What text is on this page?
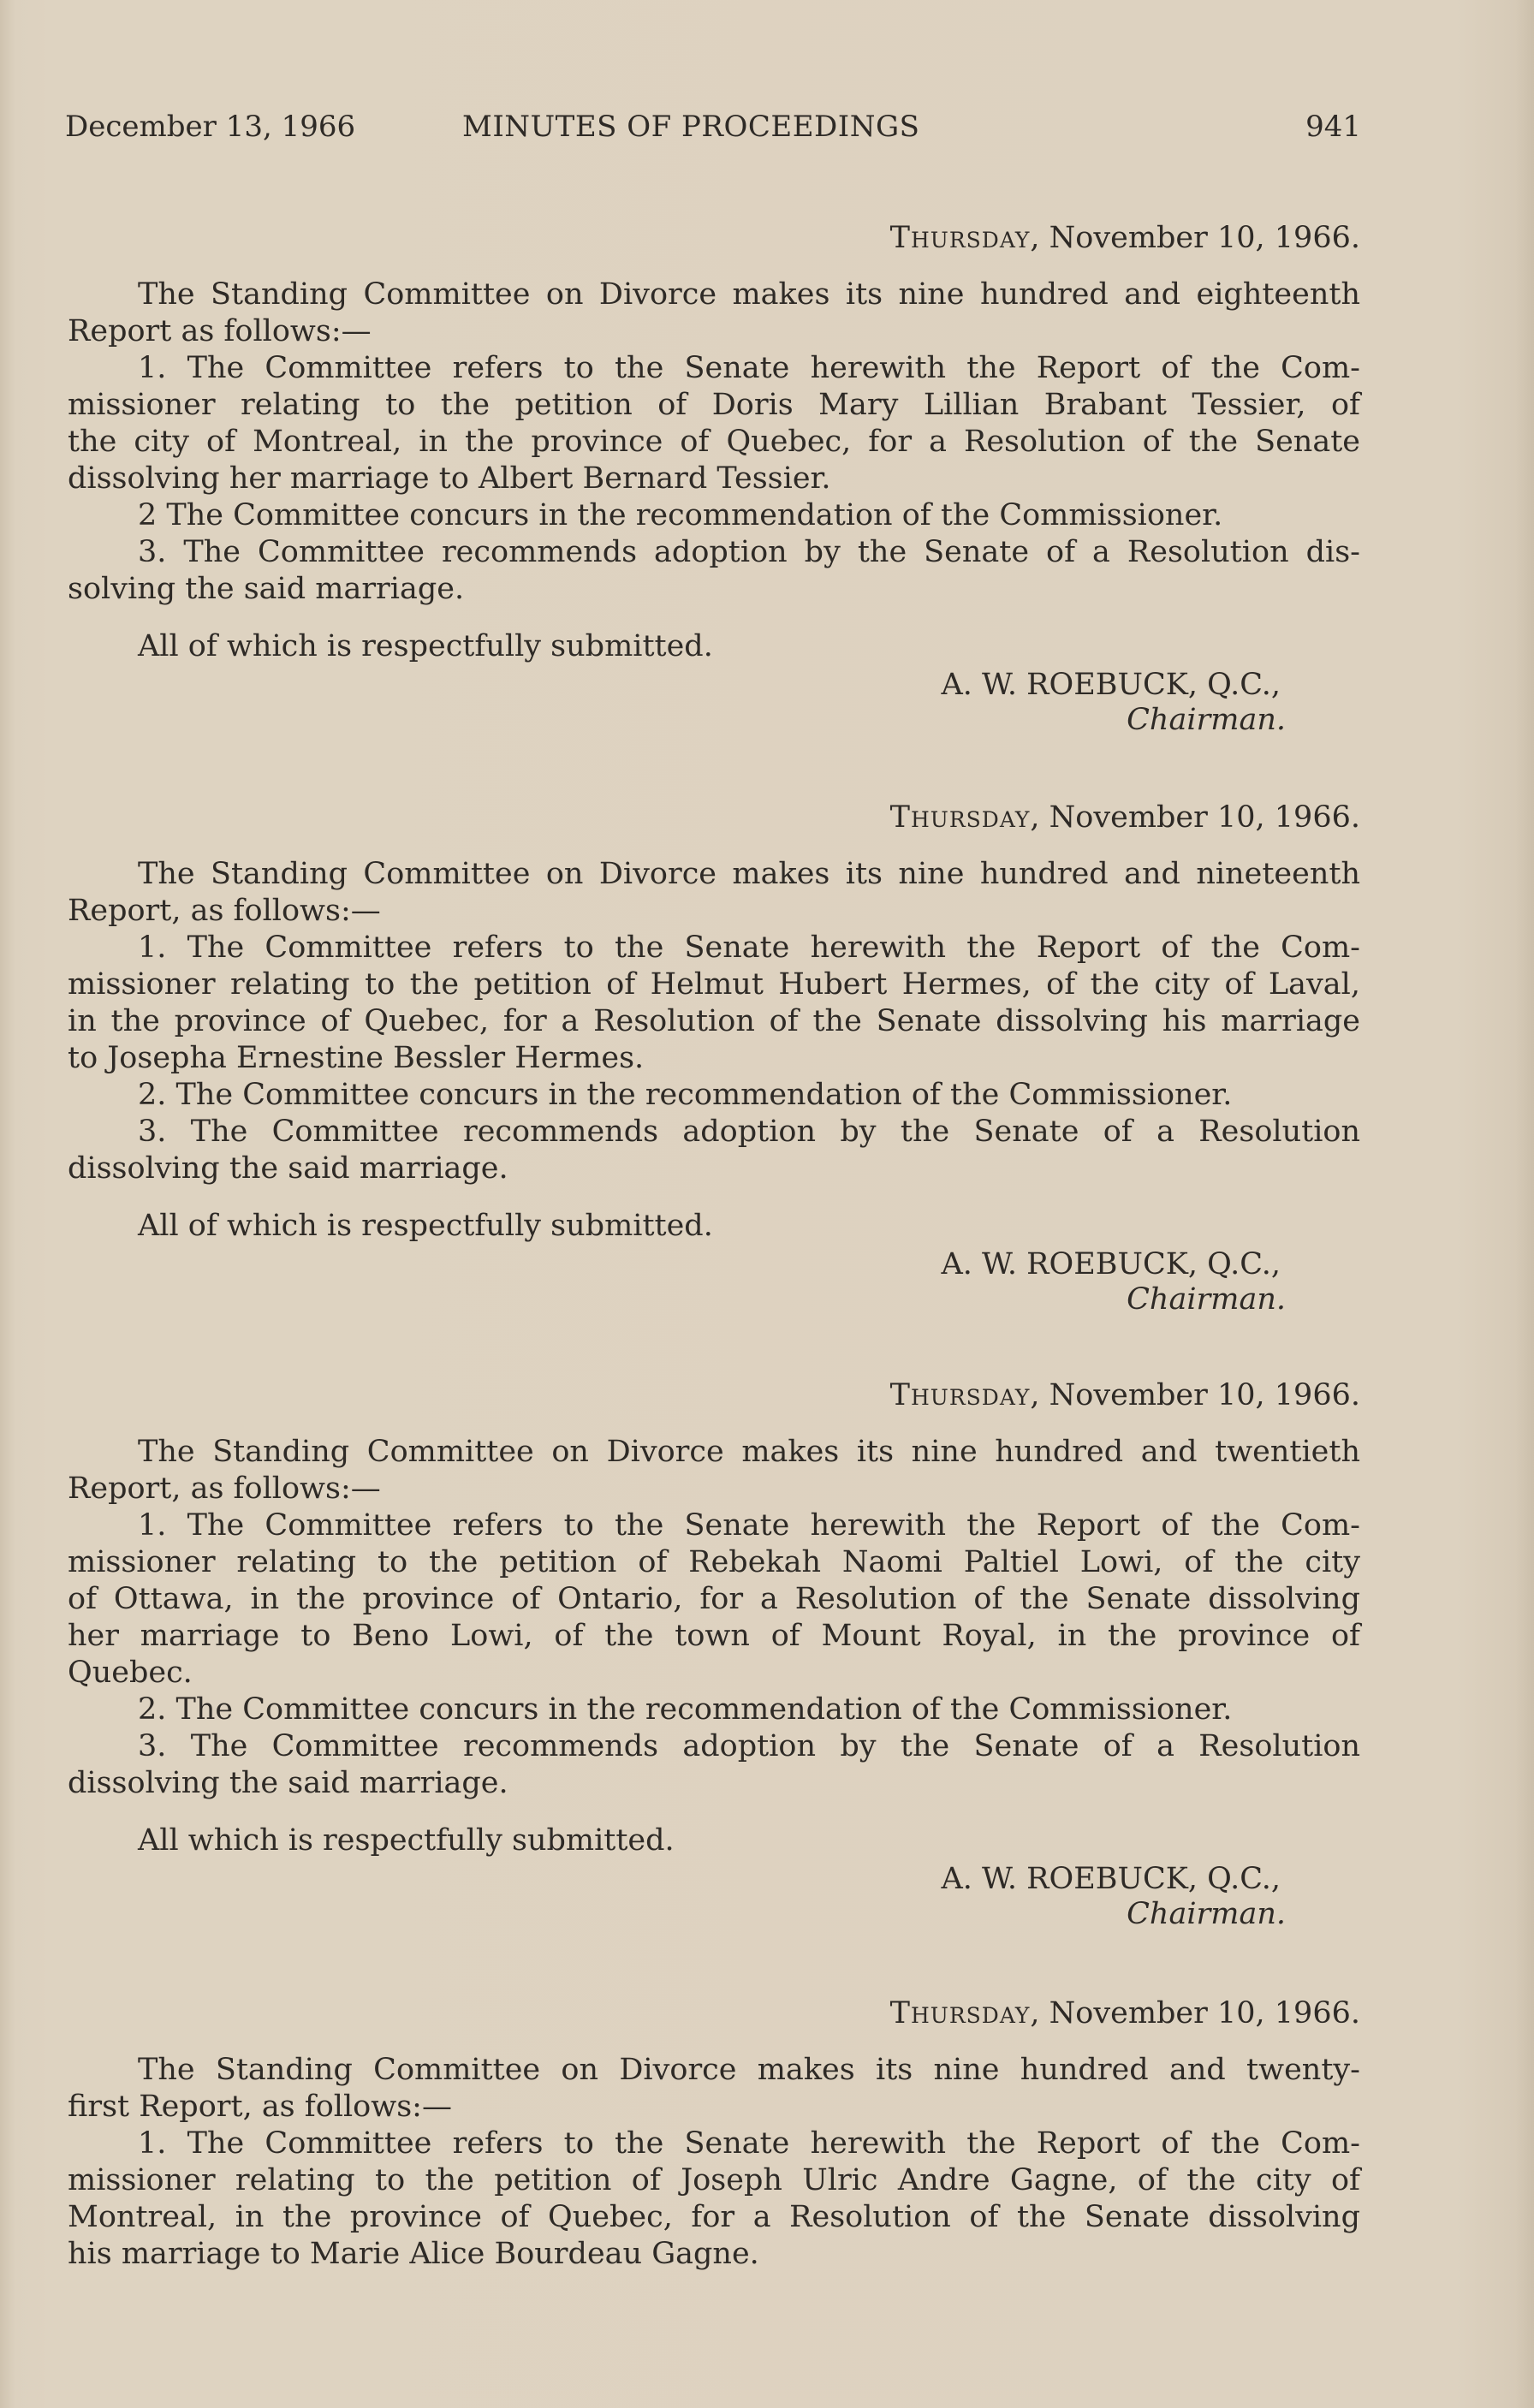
December 13, 1966	MINUTES OF PROCEEDINGS	941
Thursday, November 10, 1966.
The Standing Committee on Divorce makes its nine hundred and eighteenth
Report as follows:—
1. The Committee refers to the Senate herewith the Report of the Com-
missioner relating to the petition of Doris Mary Lillian Brabant Tessier, of
the city of Montreal, in the province of Quebec, for a Resolution of the Senate
dissolving her marriage to Albert Bernard Tessier.
2 The Committee concurs in the recommendation of the Commissioner.
3. The Committee recommends adoption by the Senate of a Resolution dis-
solving the said marriage.
All of which is respectfully submitted.
A. W. ROEBUCK, Q.C.,
Chairman.
Thursday, November 10, 1966.
The Standing Committee on Divorce makes its nine hundred and nineteenth
Report, as follows:—
1. The Committee refers to the Senate herewith the Report of the Com-
missioner relating to the petition of Helmut Hubert Hermes, of the city of Laval,
in the province of Quebec, for a Resolution of the Senate dissolving his marriage
to Josepha Ernestine Bessler Hermes.
2. The Committee concurs in the recommendation of the Commissioner.
3. The Committee recommends adoption by the Senate of a Resolution
dissolving the said marriage.
All of which is respectfully submitted.
A. W. ROEBUCK, Q.C.,
Chairman.
Thursday, November 10, 1966.
The Standing Committee on Divorce makes its nine hundred and twentieth
Report, as follows:—
1. The Committee refers to the Senate herewith the Report of the Com-
missioner relating to the petition of Rebekah Naomi Paltiel Lowi, of the city
of Ottawa, in the province of Ontario, for a Resolution of the Senate dissolving
her marriage to Beno Lowi, of the town of Mount Royal, in the province of
Quebec.
2. The Committee concurs in the recommendation of the Commissioner.
3. The Committee recommends adoption by the Senate of a Resolution
dissolving the said marriage.
All which is respectfully submitted.
A. W. ROEBUCK, Q.C.,
Chairman.
Thursday, November 10, 1966.
The Standing Committee on Divorce makes its nine hundred and twenty-
first Report, as follows:—
1. The Committee refers to the Senate herewith the Report of the Com-
missioner relating to the petition of Joseph Ulric Andre Gagne, of the city of
Montreal, in the province of Quebec, for a Resolution of the Senate dissolving
his marriage to Marie Alice Bourdeau Gagne.
